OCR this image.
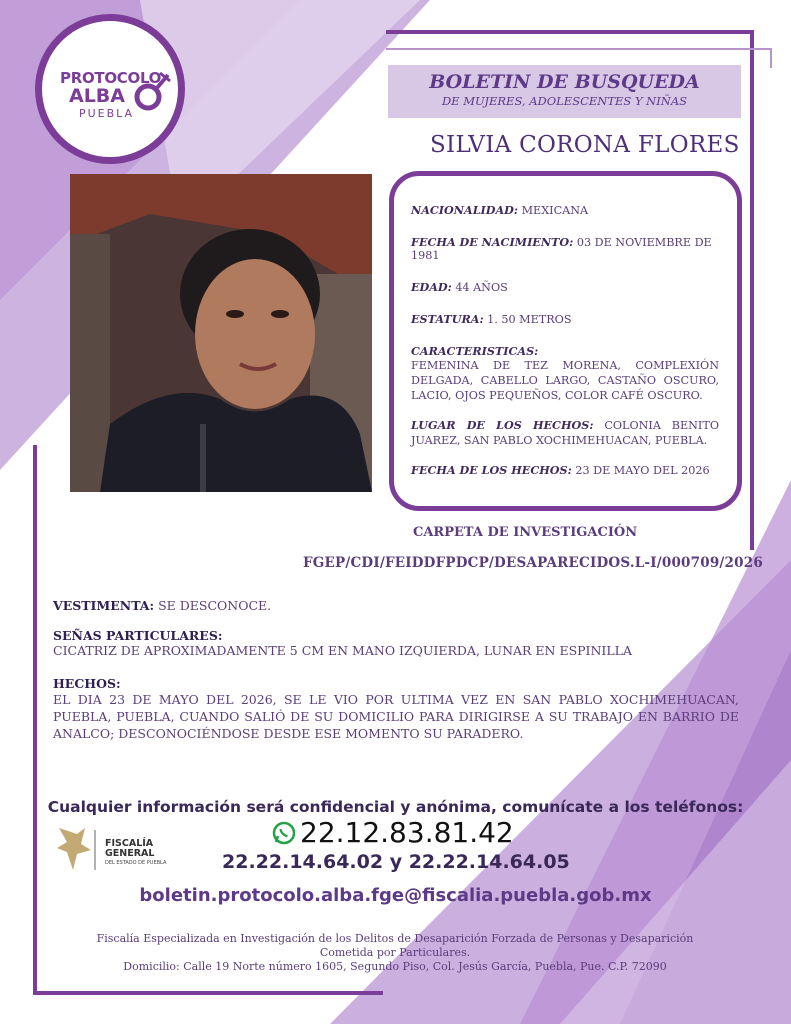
PROTOCOLO
ALBA
PUEBLA
BOLETIN DE BUSQUEDA
DE MUJERES, ADOLESCENTES Y NIÑAS
SILVIA CORONA FLORES
NACIONALIDAD: MEXICANA
FECHA DE NACIMIENTO: 03 DE NOVIEMBRE DE 1981
EDAD: 44 AÑOS
ESTATURA: 1. 50 METROS
CARACTERISTICAS:
FEMENINA DE TEZ MORENA, COMPLEXIÓN DELGADA, CABELLO LARGO, CASTAÑO OSCURO, LACIO, OJOS PEQUEÑOS, COLOR CAFÉ OSCURO.
LUGAR DE LOS HECHOS: COLONIA BENITO JUAREZ, SAN PABLO XOCHIMEHUACAN, PUEBLA.
FECHA DE LOS HECHOS: 23 DE MAYO DEL 2026
CARPETA DE INVESTIGACIÓN
FGEP/CDI/FEIDDFPDCP/DESAPARECIDOS.L-I/000709/2026
VESTIMENTA: SE DESCONOCE.
SEÑAS PARTICULARES:
CICATRIZ DE APROXIMADAMENTE 5 CM EN MANO IZQUIERDA, LUNAR EN ESPINILLA
HECHOS:
EL DIA 23 DE MAYO DEL 2026, SE LE VIO POR ULTIMA VEZ EN SAN PABLO XOCHIMEHUACAN, PUEBLA, PUEBLA, CUANDO SALIÓ DE SU DOMICILIO PARA DIRIGIRSE A SU TRABAJO EN BARRIO DE ANALCO; DESCONOCIÉNDOSE DESDE ESE MOMENTO SU PARADERO.
Cualquier información será confidencial y anónima, comunícate a los teléfonos:
FISCALÍA
GENERAL
DEL ESTADO DE PUEBLA
22.12.83.81.42
22.22.14.64.02 y 22.22.14.64.05
boletin.protocolo.alba.fge@fiscalia.puebla.gob.mx
Fiscalía Especializada en Investigación de los Delitos de Desaparición Forzada de Personas y Desaparición
Cometida por Particulares.
Domicilio: Calle 19 Norte número 1605, Segundo Piso, Col. Jesús García, Puebla, Pue. C.P. 72090
